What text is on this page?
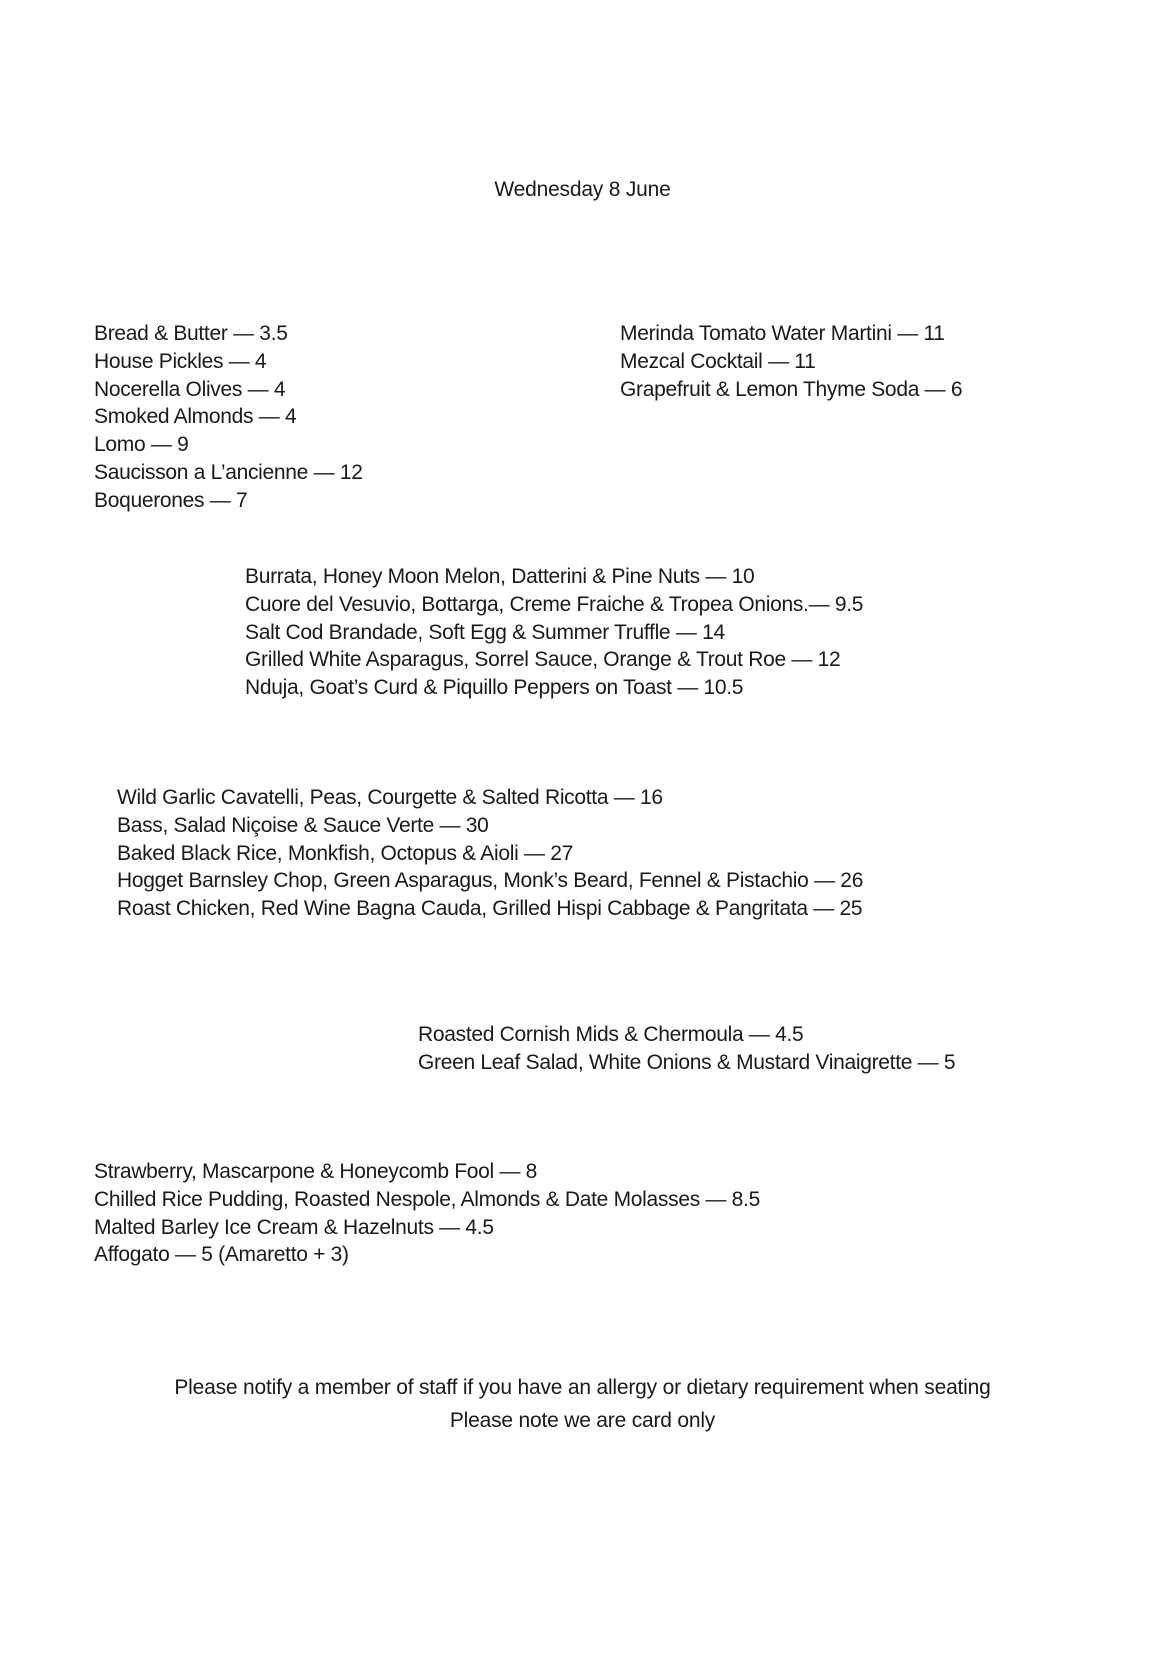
Wednesday 8 June
Bread & Butter — 3.5
House Pickles — 4
Nocerella Olives — 4
Smoked Almonds — 4
Lomo — 9
Saucisson a L’ancienne — 12
Boquerones — 7
Merinda Tomato Water Martini — 11
Mezcal Cocktail — 11
Grapefruit & Lemon Thyme Soda — 6
Burrata, Honey Moon Melon, Datterini & Pine Nuts — 10
Cuore del Vesuvio, Bottarga, Creme Fraiche & Tropea Onions.— 9.5
Salt Cod Brandade, Soft Egg & Summer Truffle — 14
Grilled White Asparagus, Sorrel Sauce, Orange & Trout Roe — 12
Nduja, Goat’s Curd & Piquillo Peppers on Toast — 10.5
Wild Garlic Cavatelli, Peas, Courgette & Salted Ricotta — 16
Bass, Salad Niçoise & Sauce Verte — 30
Baked Black Rice, Monkfish, Octopus & Aioli — 27
Hogget Barnsley Chop, Green Asparagus, Monk’s Beard, Fennel & Pistachio — 26
Roast Chicken, Red Wine Bagna Cauda, Grilled Hispi Cabbage & Pangritata — 25
Roasted Cornish Mids & Chermoula — 4.5
Green Leaf Salad, White Onions & Mustard Vinaigrette — 5
Strawberry, Mascarpone & Honeycomb Fool — 8
Chilled Rice Pudding, Roasted Nespole, Almonds & Date Molasses — 8.5
Malted Barley Ice Cream & Hazelnuts — 4.5
Affogato — 5 (Amaretto + 3)
Please notify a member of staff if you have an allergy or dietary requirement when seating
Please note we are card only
